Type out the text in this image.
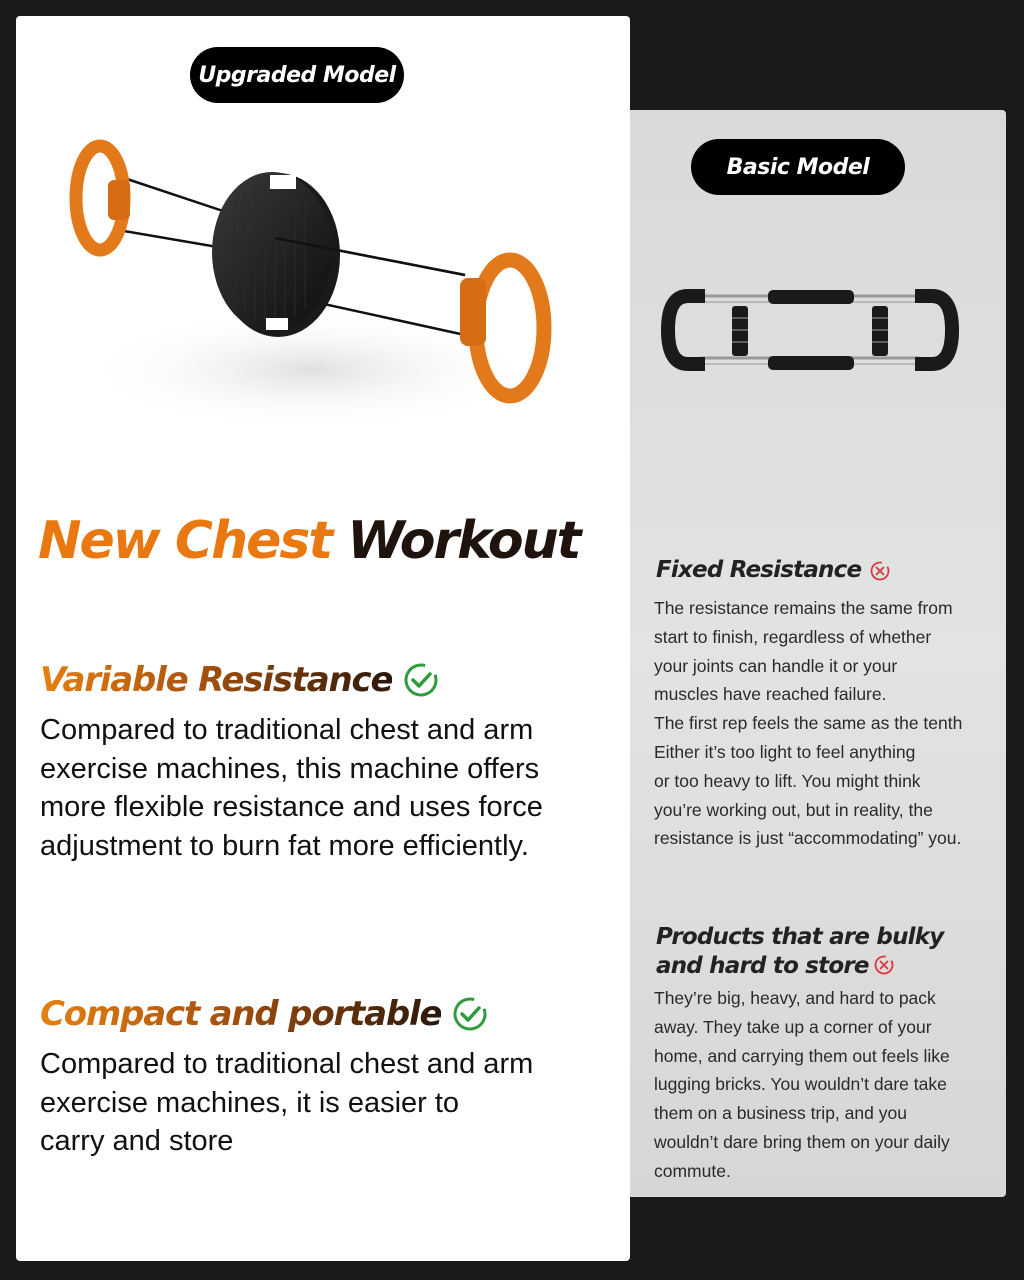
Upgraded Model
Basic Model
New Chest Workout
Variable Resistance
Compared to traditional chest and arm
exercise machines, this machine offers
more flexible resistance and uses force
adjustment to burn fat more efficiently.
Compact and portable
Compared to traditional chest and arm
exercise machines, it is easier to
carry and store
Fixed Resistance
The resistance remains the same from
start to finish, regardless of whether
your joints can handle it or your
muscles have reached failure.
The first rep feels the same as the tenth
Either it’s too light to feel anything
or too heavy to lift. You might think
you’re working out, but in reality, the
resistance is just “accommodating” you.
Products that are bulky
and hard to store
They’re big, heavy, and hard to pack
away. They take up a corner of your
home, and carrying them out feels like
lugging bricks. You wouldn’t dare take
them on a business trip, and you
wouldn’t dare bring them on your daily
commute.
